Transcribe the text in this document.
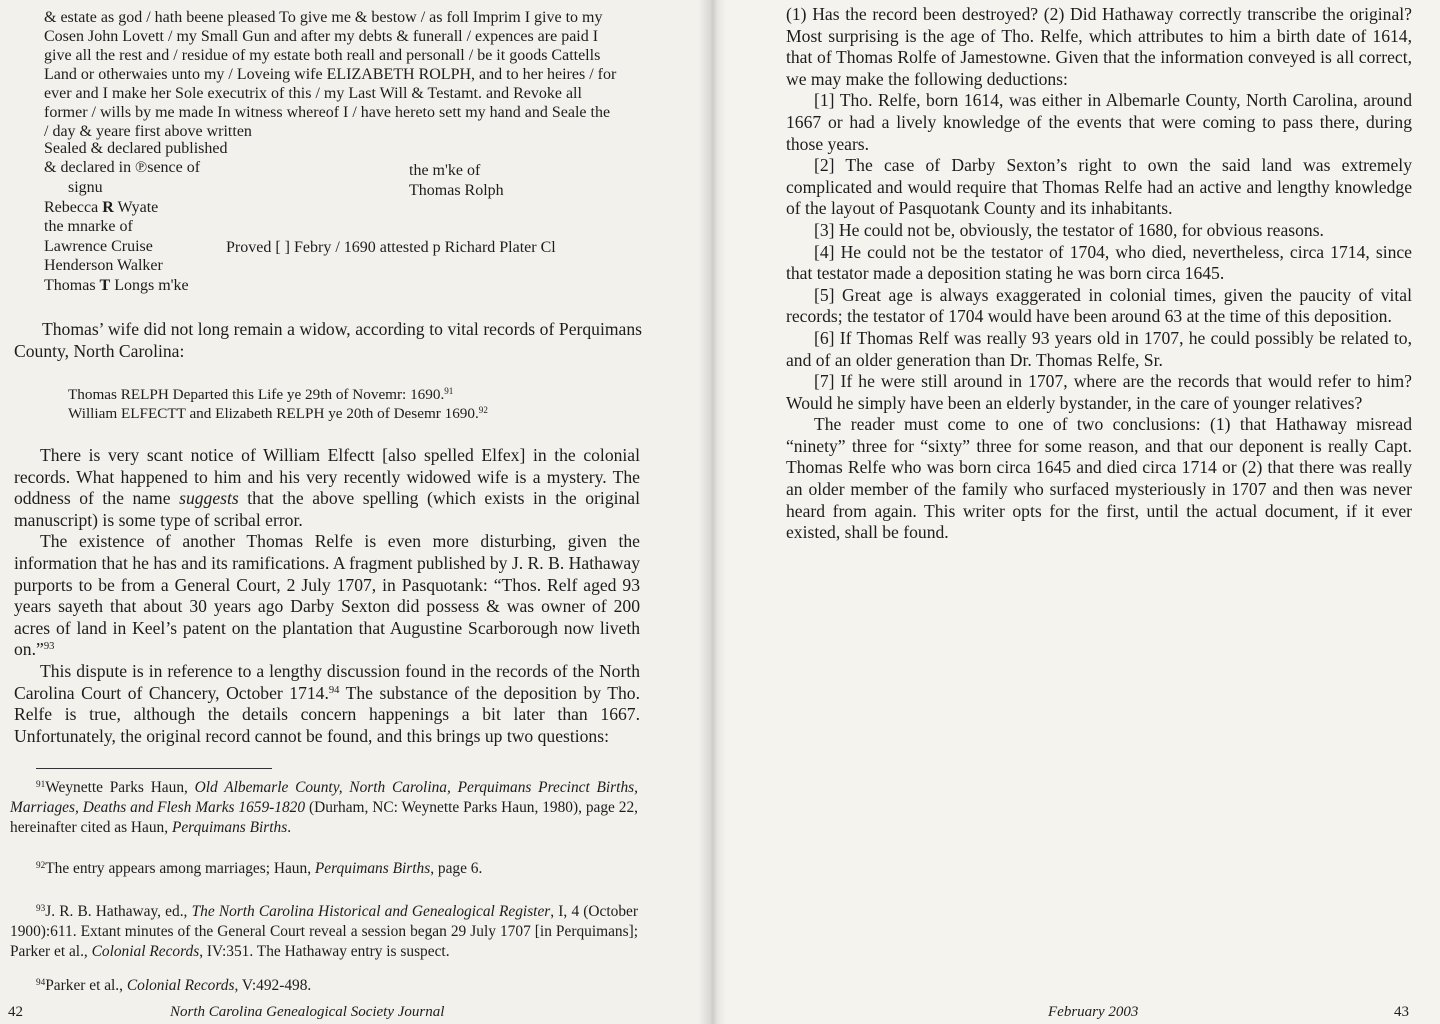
& estate as god / hath beene pleased To give me & bestow / as foll Imprim I give to my
Cosen John Lovett / my Small Gun and after my debts & funerall / expences are paid I
give all the rest and / residue of my estate both reall and personall / be it goods Cattells
Land or otherwaies unto my / Loveing wife ELIZABETH ROLPH, and to her heires / for
ever and I make her Sole executrix of this / my Last Will & Testamt. and Revoke all
former / wills by me made In witness whereof I / have hereto sett my hand and Seale the
/ day & yeare first above written
Sealed & declared published
& declared in ℗sence of
signu
Rebecca R Wyate
the mnarke of
Lawrence Cruise
Henderson Walker
Thomas T Longs m'ke
the m'ke of
Thomas Rolph
Proved [ ] Febry / 1690 attested p Richard Plater Cl

Thomas’ wife did not long remain a widow, according to vital records of Perquimans County, North Carolina:

Thomas RELPH Departed this Life ye 29th of Novemr: 1690.91
William ELFECTT and Elizabeth RELPH ye 20th of Desemr 1690.92

There is very scant notice of William Elfectt [also spelled Elfex] in the colonial records. What happened to him and his very recently widowed wife is a mystery. The oddness of the name suggests that the above spelling (which exists in the original manuscript) is some type of scribal error.

The existence of another Thomas Relfe is even more disturbing, given the information that he has and its ramifications. A fragment published by J. R. B. Hathaway purports to be from a General Court, 2 July 1707, in Pasquotank: “Thos. Relf aged 93 years sayeth that about 30 years ago Darby Sexton did possess & was owner of 200 acres of land in Keel’s patent on the plantation that Augustine Scarborough now liveth on.”$^{93}$

This dispute is in reference to a lengthy discussion found in the records of the North Carolina Court of Chancery, October 1714.94 The substance of the deposition by Tho. Relfe is true, although the details concern happenings a bit later than 1667. Unfortunately, the original record cannot be found, and this brings up two questions:

$^{91}$Weynette Parks Haun, Old Albemarle County, North Carolina, Perquimans Precinct Births, Marriages, Deaths and Flesh Marks 1659-1820 (Durham, NC: Weynette Parks Haun, 1980), page 22, hereinafter cited as Haun, Perquimans Births.
$^{92}$The entry appears among marriages; Haun, Perquimans Births, page 6.
$^{93}$J. R. B. Hathaway, ed., The North Carolina Historical and Genealogical Register, I, 4 (October 1900):611. Extant minutes of the General Court reveal a session began 29 July 1707 [in Perquimans]; Parker et al., Colonial Records, IV:351. The Hathaway entry is suspect.
$^{94}$Parker et al., Colonial Records, V:492-498.
42	North Carolina Genealogical Society Journal

(1) Has the record been destroyed? (2) Did Hathaway correctly transcribe the original? Most surprising is the age of Tho. Relfe, which attributes to him a birth date of 1614, that of Thomas Rolfe of Jamestowne. Given that the information conveyed is all correct, we may make the following deductions:

[1] Tho. Relfe, born 1614, was either in Albemarle County, North Carolina, around 1667 or had a lively knowledge of the events that were coming to pass there, during those years.

[2] The case of Darby Sexton’s right to own the said land was extremely complicated and would require that Thomas Relfe had an active and lengthy knowledge of the layout of Pasquotank County and its inhabitants.

[3] He could not be, obviously, the testator of 1680, for obvious reasons.

[4] He could not be the testator of 1704, who died, nevertheless, circa 1714, since that testator made a deposition stating he was born circa 1645.

[5] Great age is always exaggerated in colonial times, given the paucity of vital records; the testator of 1704 would have been around 63 at the time of this deposition.

[6] If Thomas Relf was really 93 years old in 1707, he could possibly be related to, and of an older generation than Dr. Thomas Relfe, Sr.

[7] If he were still around in 1707, where are the records that would refer to him? Would he simply have been an elderly bystander, in the care of younger relatives?

The reader must come to one of two conclusions: (1) that Hathaway misread “ninety” three for “sixty” three for some reason, and that our deponent is really Capt. Thomas Relfe who was born circa 1645 and died circa 1714 or (2) that there was really an older member of the family who surfaced mysteriously in 1707 and then was never heard from again. This writer opts for the first, until the actual document, if it ever existed, shall be found.

February 2003	43
